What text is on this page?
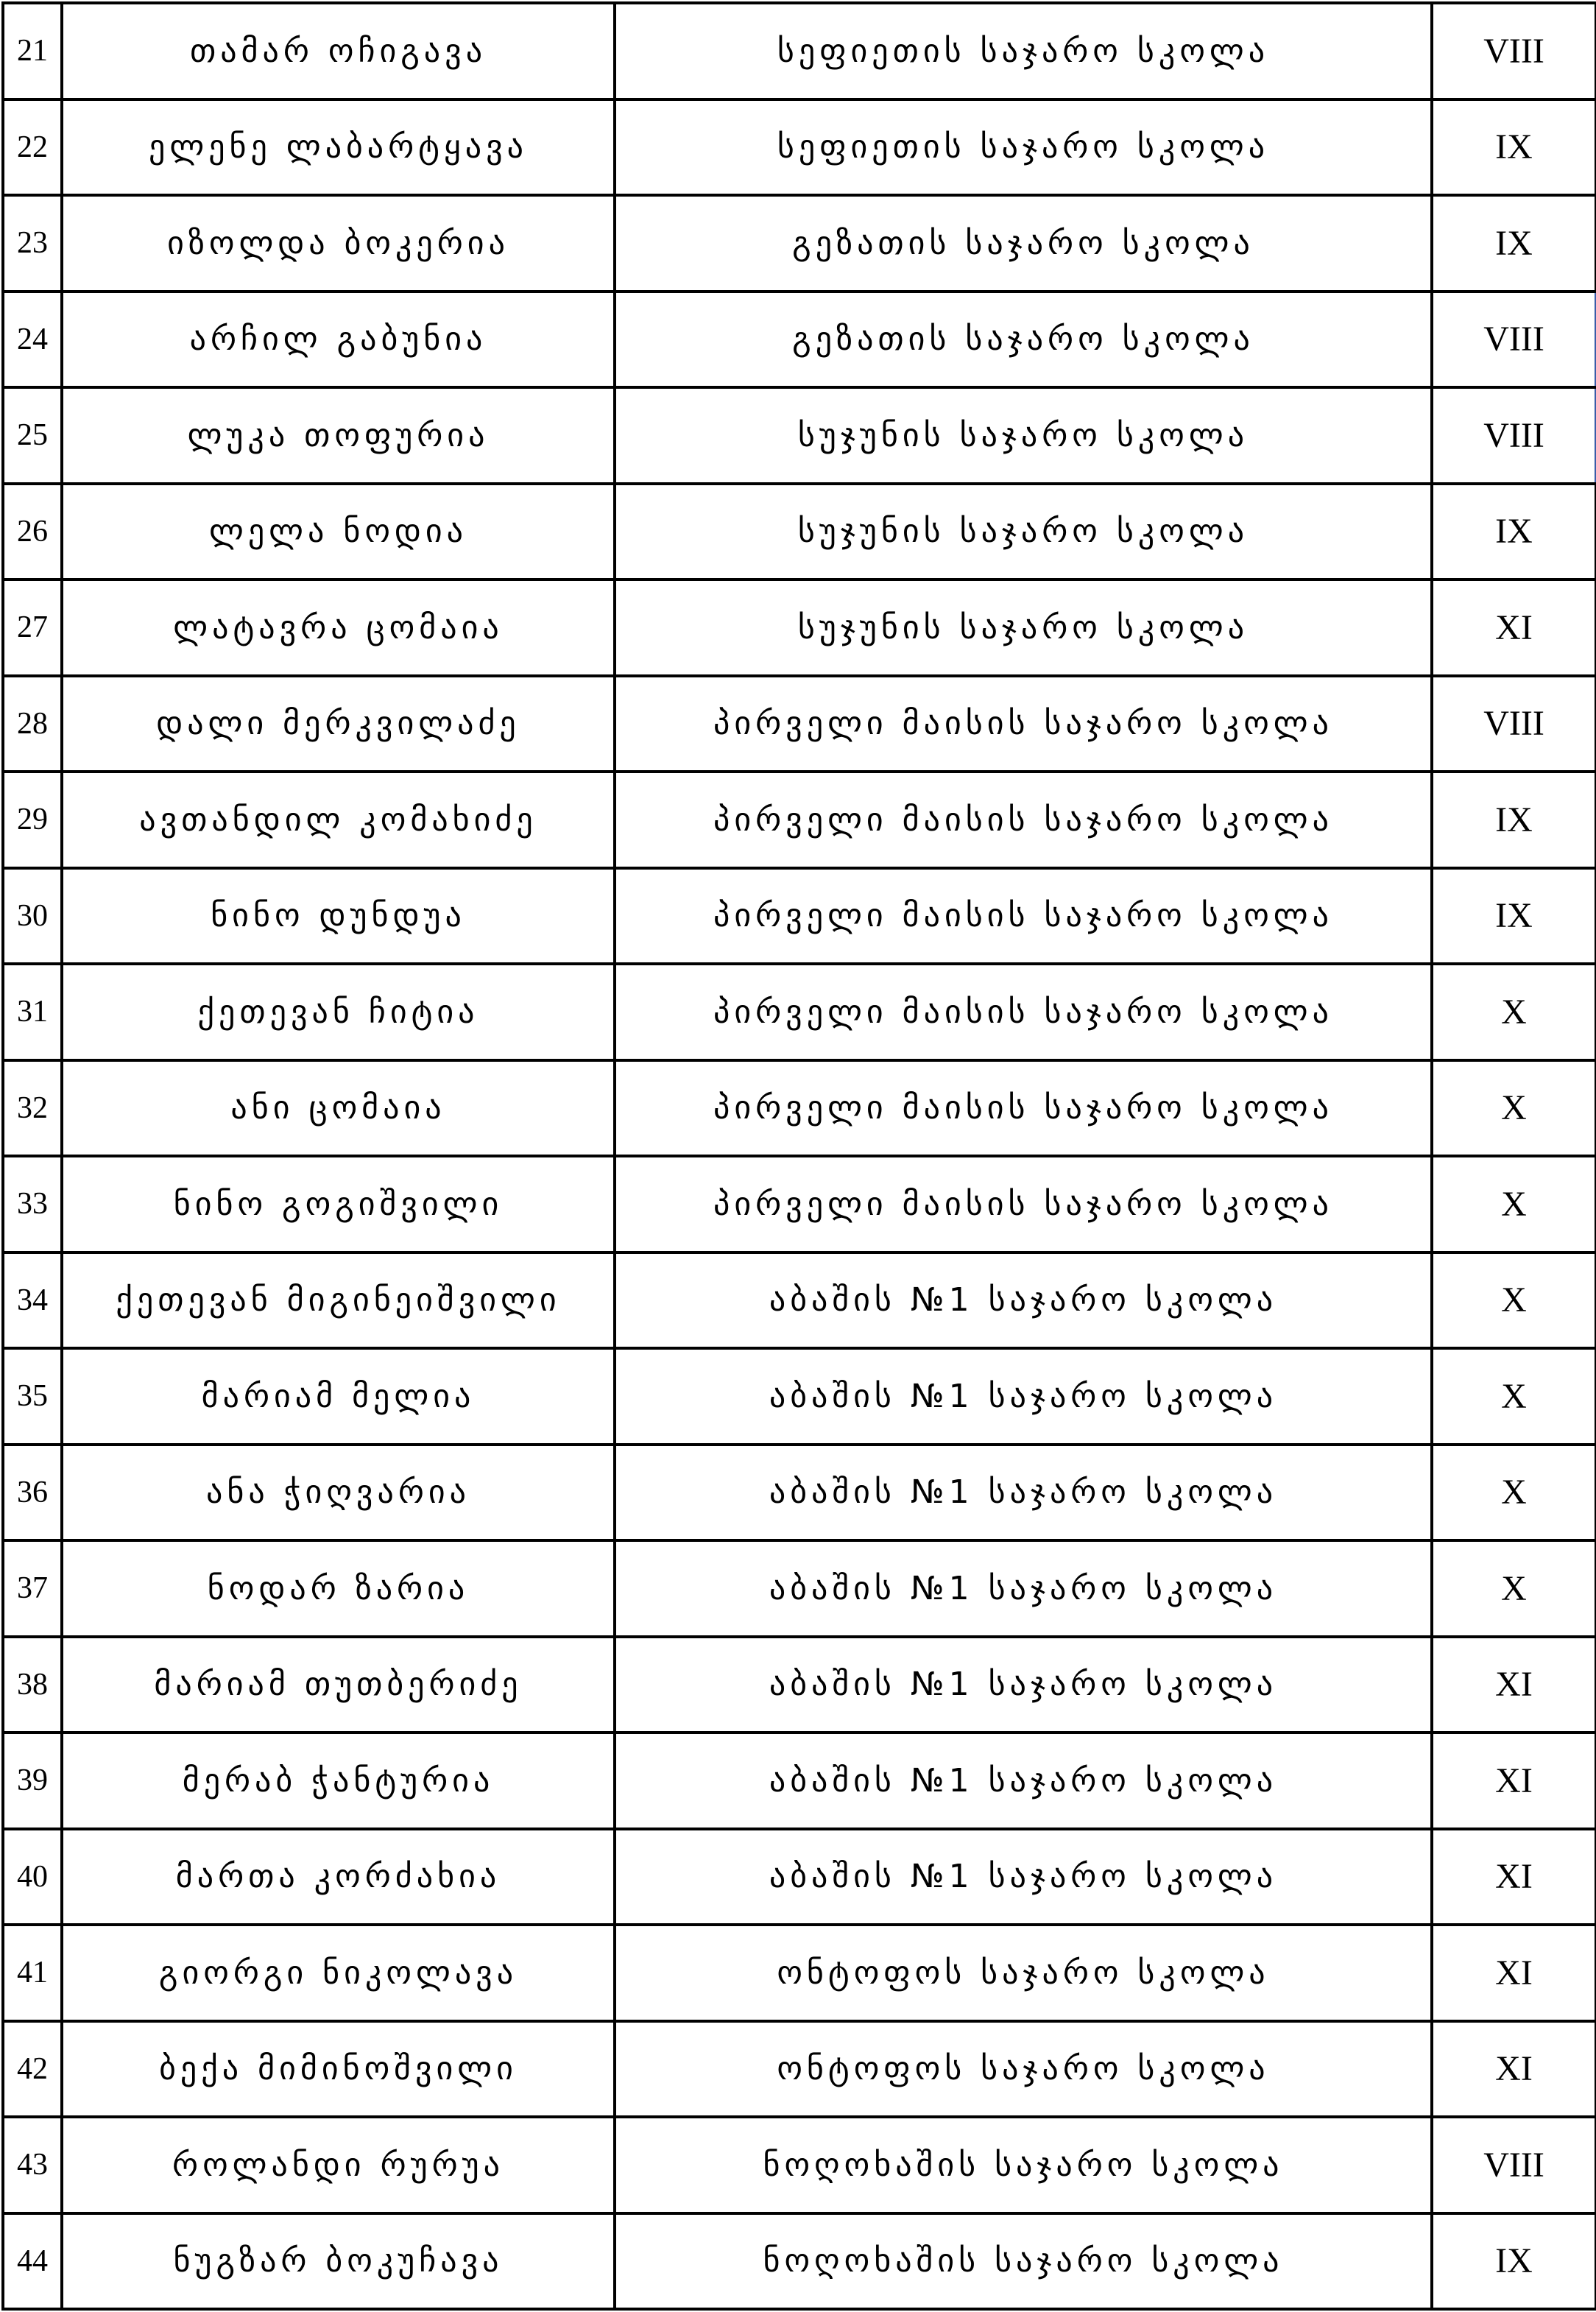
21	თამარ ოჩიგავა	სეფიეთის საჯარო სკოლა	VIII
22	ელენე ლაბარტყავა	სეფიეთის საჯარო სკოლა	IX
23	იზოლდა ბოკერია	გეზათის საჯარო სკოლა	IX
24	არჩილ გაბუნია	გეზათის საჯარო სკოლა	VIII
25	ლუკა თოფურია	სუჯუნის საჯარო სკოლა	VIII
26	ლელა ნოდია	სუჯუნის საჯარო სკოლა	IX
27	ლატავრა ცომაია	სუჯუნის საჯარო სკოლა	XI
28	დალი მერკვილაძე	პირველი მაისის საჯარო სკოლა	VIII
29	ავთანდილ კომახიძე	პირველი მაისის საჯარო სკოლა	IX
30	ნინო დუნდუა	პირველი მაისის საჯარო სკოლა	IX
31	ქეთევან ჩიტია	პირველი მაისის საჯარო სკოლა	X
32	ანი ცომაია	პირველი მაისის საჯარო სკოლა	X
33	ნინო გოგიშვილი	პირველი მაისის საჯარო სკოლა	X
34	ქეთევან მიგინეიშვილი	აბაშის №1 საჯარო სკოლა	X
35	მარიამ მელია	აბაშის №1 საჯარო სკოლა	X
36	ანა ჭიღვარია	აბაშის №1 საჯარო სკოლა	X
37	ნოდარ ზარია	აბაშის №1 საჯარო სკოლა	X
38	მარიამ თუთბერიძე	აბაშის №1 საჯარო სკოლა	XI
39	მერაბ ჭანტურია	აბაშის №1 საჯარო სკოლა	XI
40	მართა კორძახია	აბაშის №1 საჯარო სკოლა	XI
41	გიორგი ნიკოლავა	ონტოფოს საჯარო სკოლა	XI
42	ბექა მიმინოშვილი	ონტოფოს საჯარო სკოლა	XI
43	როლანდი რურუა	ნოღოხაშის საჯარო სკოლა	VIII
44	ნუგზარ ბოკუჩავა	ნოღოხაშის საჯარო სკოლა	IX
